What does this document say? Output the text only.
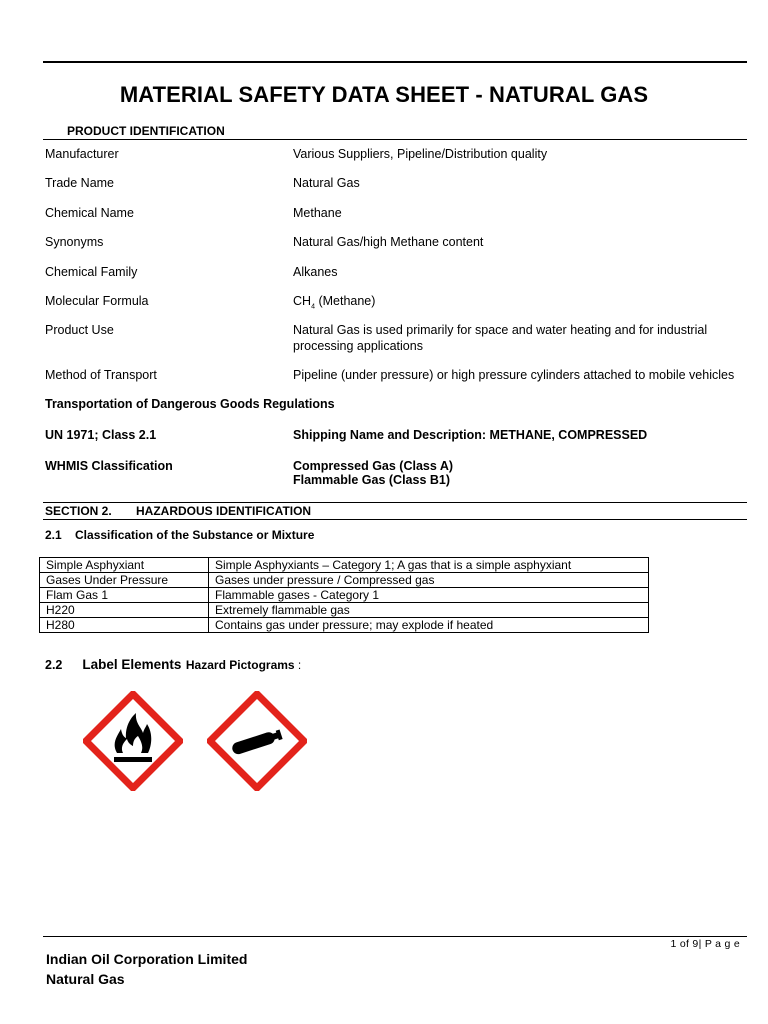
MATERIAL SAFETY DATA SHEET - NATURAL GAS
PRODUCT IDENTIFICATION
Manufacturer	Various Suppliers, Pipeline/Distribution quality
Trade Name	Natural Gas
Chemical Name	Methane
Synonyms	Natural Gas/high Methane content
Chemical Family	Alkanes
Molecular Formula	$CH_4$ (Methane)
Product Use	Natural Gas is used primarily for space and water heating and for industrial
processing applications
Method of Transport	Pipeline (under pressure) or high pressure cylinders attached to mobile vehicles
Transportation of Dangerous Goods Regulations
UN 1971; Class 2.1	Shipping Name and Description: METHANE, COMPRESSED
WHMIS Classification	Compressed Gas (Class A)
Flammable Gas (Class B1)
SECTION 2. HAZARDOUS IDENTIFICATION
2.1    Classification of the Substance or Mixture
Simple Asphyxiant	Simple Asphyxiants – Category 1; A gas that is a simple asphyxiant
Gases Under Pressure	Gases under pressure / Compressed gas
Flam Gas 1	Flammable gases - Category 1
H220	Extremely flammable gas
H280	Contains gas under pressure; may explode if heated
2.2 Label Elements Hazard Pictograms :
1 of 9| P a g e
Indian Oil Corporation Limited
Natural Gas
